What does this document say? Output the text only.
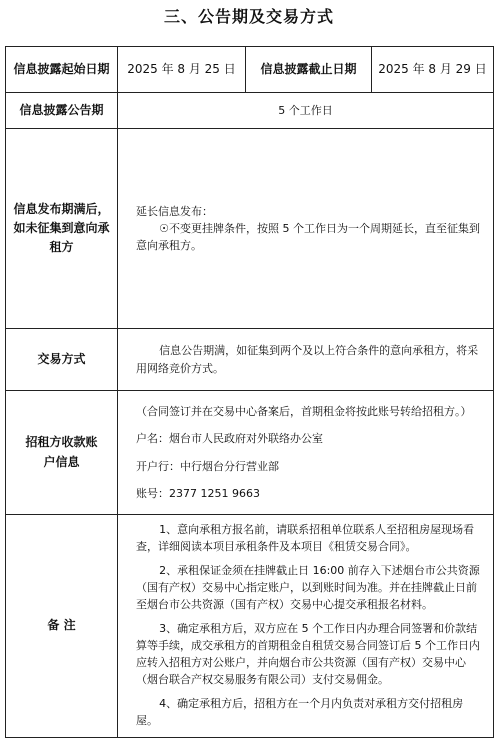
三、公告期及交易方式
信息披露起始日期	2025 年 8 月 25 日	信息披露截止日期	2025 年 8 月 29 日
信息披露公告期	5 个工作日		
信息发布期满后，如未征集到意向承租方	延长信息发布：

☉不变更挂牌条件，按照 5 个工作日为一个周期延长，直至征集到意向承租方。		

交易方式	信息公告期满，如征集到两个及以上符合条件的意向承租方，将采用网络竞价方式。		

招租方收款账户信息	（合同签订并在交易中心备案后，首期租金将按此账号转给招租方。）

户名：烟台市人民政府对外联络办公室

开户行：中行烟台分行营业部

账号：2377 1251 9663		

备 注	1、意向承租方报名前，请联系招租单位联系人至招租房屋现场看查，详细阅读本项目承租条件及本项目《租赁交易合同》。

2、承租保证金须在挂牌截止日 16:00 前存入下述烟台市公共资源（国有产权）交易中心指定账户，以到账时间为准。并在挂牌截止日前至烟台市公共资源（国有产权）交易中心提交承租报名材料。

3、确定承租方后，双方应在 5 个工作日内办理合同签署和价款结算等手续，成交承租方的首期租金自租赁交易合同签订后 5 个工作日内应转入招租方对公账户，并向烟台市公共资源（国有产权）交易中心（烟台联合产权交易服务有限公司）支付交易佣金。

4、确定承租方后，招租方在一个月内负责对承租方交付招租房屋。		
